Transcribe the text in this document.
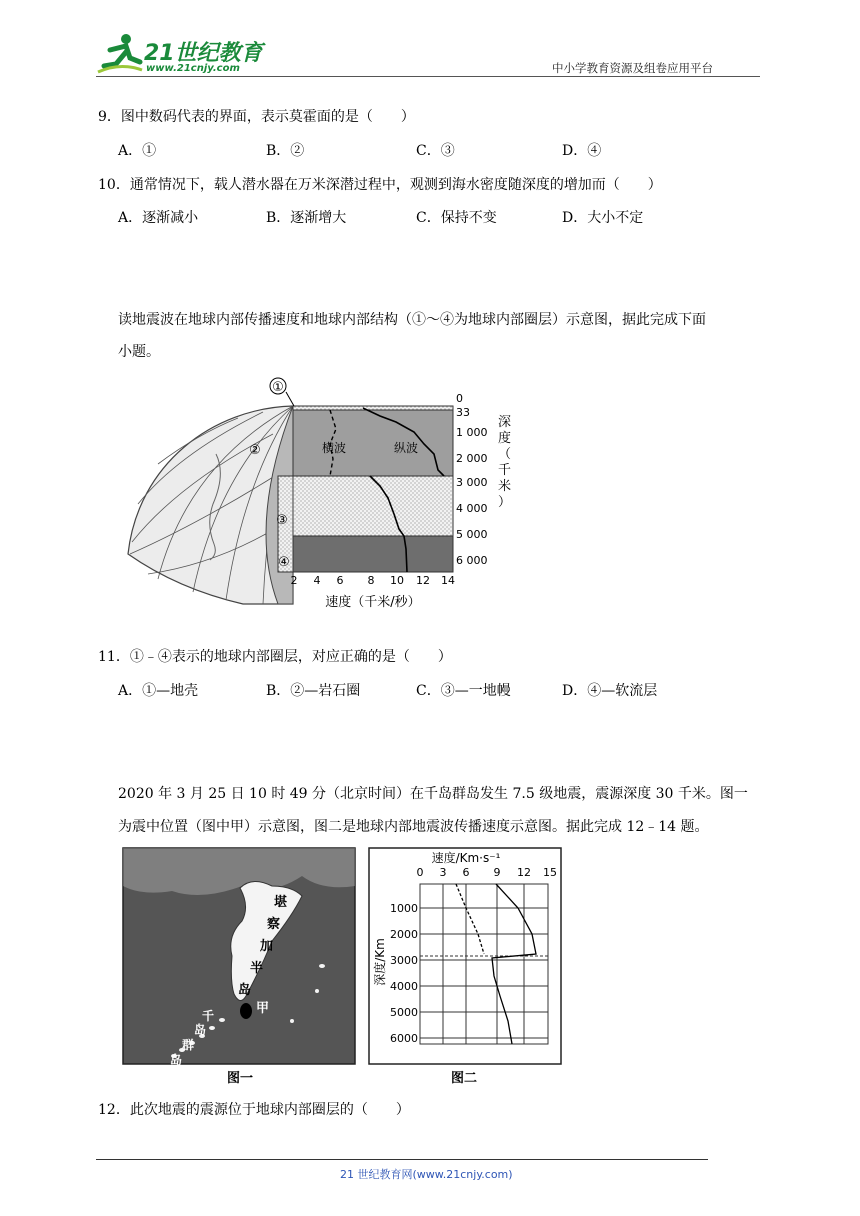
21世纪教育
www.21cnjy.com	中小学教育资源及组卷应用平台
9．图中数码代表的界面，表示莫霍面的是（　　）
A．①	B．②	C．③	D．④
10．通常情况下，载人潜水器在万米深潜过程中，观测到海水密度随深度的增加而（　　）
A．逐渐减小	B．逐渐增大	C．保持不变	D．大小不定
读地震波在地球内部传播速度和地球内部结构（①～④为地球内部圈层）示意图，据此完成下面
小题。
①
②
③
④
横波	纵波
0
33
1 000
2 000
3 000
4 000
5 000
6 000
深
度
（
千
米
）
2 4 6 8 10 12 14
速度（千米/秒）
11．①﹣④表示的地球内部圈层，对应正确的是（　　）
A．①—地壳	B．②—岩石圈	C．③—一地幔	D．④—软流层
2020 年 3 月 25 日 10 时 49 分（北京时间）在千岛群岛发生 7.5 级地震，震源深度 30 千米。图一
为震中位置（图中甲）示意图，图二是地球内部地震波传播速度示意图。据此完成 12﹣14 题。
堪
察
加
半
岛
千
岛
群
岛
甲
图一
速度/Km·s⁻¹
0 3 6 9 12 15
1000
2000
3000
4000
5000
6000
深度/Km
图二
12．此次地震的震源位于地球内部圈层的（　　）
21 世纪教育网(www.21cnjy.com)
